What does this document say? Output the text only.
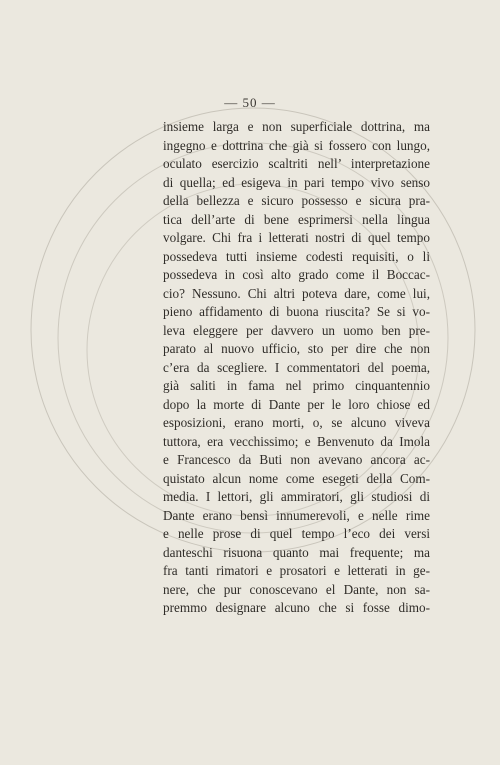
— 50 —
insieme larga e non superficiale dottrina, ma
ingegno e dottrina che già si fossero con lungo,
oculato esercizio scaltriti nell’ interpretazione
di quella; ed esigeva in pari tempo vivo senso
della bellezza e sicuro possesso e sicura pra-
tica dell’arte di bene esprimersi nella lingua
volgare. Chi fra i letterati nostri di quel tempo
possedeva tutti insieme codesti requisiti, o li
possedeva in così alto grado come il Boccac-
cio? Nessuno. Chi altri poteva dare, come lui,
pieno affidamento di buona riuscita? Se si vo-
leva eleggere per davvero un uomo ben pre-
parato al nuovo ufficio, sto per dire che non
c’era da scegliere. I commentatori del poema,
già saliti in fama nel primo cinquantennio
dopo la morte di Dante per le loro chiose ed
esposizioni, erano morti, o, se alcuno viveva
tuttora, era vecchissimo; e Benvenuto da Imola
e Francesco da Buti non avevano ancora ac-
quistato alcun nome come esegeti della Com-
media. I lettori, gli ammiratori, gli studiosi di
Dante erano bensì innumerevoli, e nelle rime
e nelle prose di quel tempo l’eco dei versi
danteschi risuona quanto mai frequente; ma
fra tanti rimatori e prosatori e letterati in ge-
nere, che pur conoscevano el Dante, non sa-
premmo designare alcuno che si fosse dimo-
